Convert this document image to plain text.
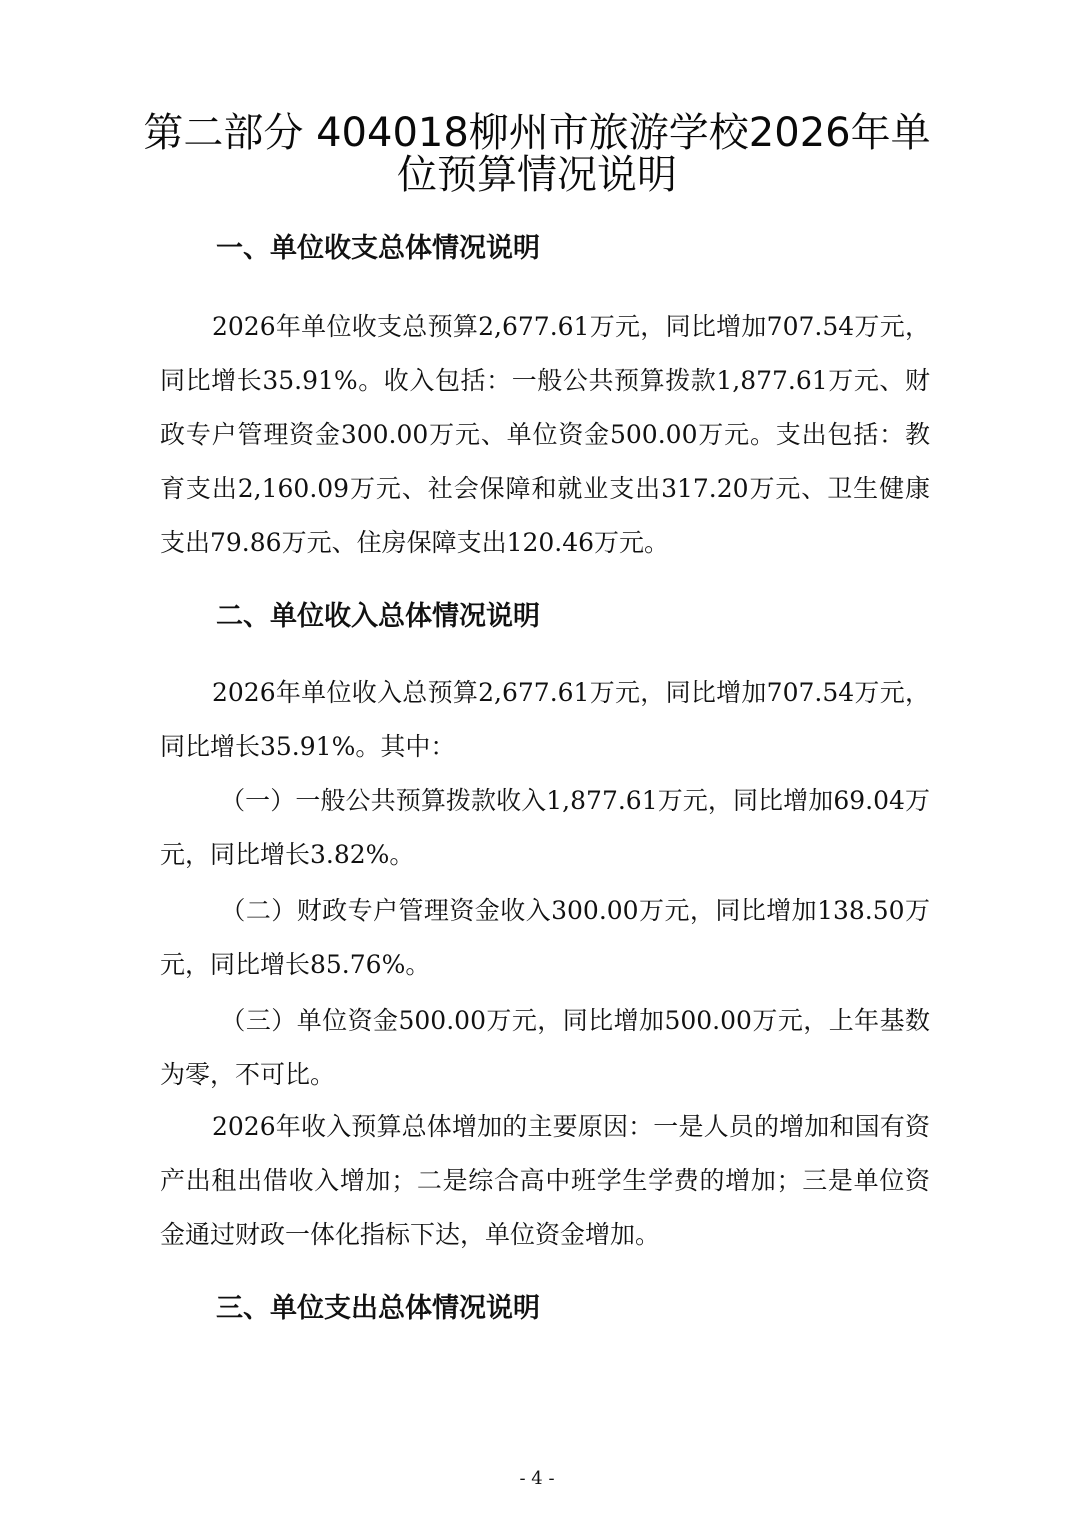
第二部分 404018柳州市旅游学校2026年单
位预算情况说明
一、单位收支总体情况说明
2026年单位收支总预算2,677.61万元，同比增加707.54万元，同比增长35.91%。收入包括：一般公共预算拨款1,877.61万元、财政专户管理资金300.00万元、单位资金500.00万元。支出包括：教育支出2,160.09万元、社会保障和就业支出317.20万元、卫生健康支出79.86万元、住房保障支出120.46万元。
二、单位收入总体情况说明
2026年单位收入总预算2,677.61万元，同比增加707.54万元，同比增长35.91%。其中：
（一）一般公共预算拨款收入1,877.61万元，同比增加69.04万元，同比增长3.82%。
（二）财政专户管理资金收入300.00万元，同比增加138.50万元，同比增长85.76%。
（三）单位资金500.00万元，同比增加500.00万元，上年基数为零，不可比。
2026年收入预算总体增加的主要原因：一是人员的增加和国有资产出租出借收入增加；二是综合高中班学生学费的增加；三是单位资金通过财政一体化指标下达，单位资金增加。
三、单位支出总体情况说明
- 4 -
